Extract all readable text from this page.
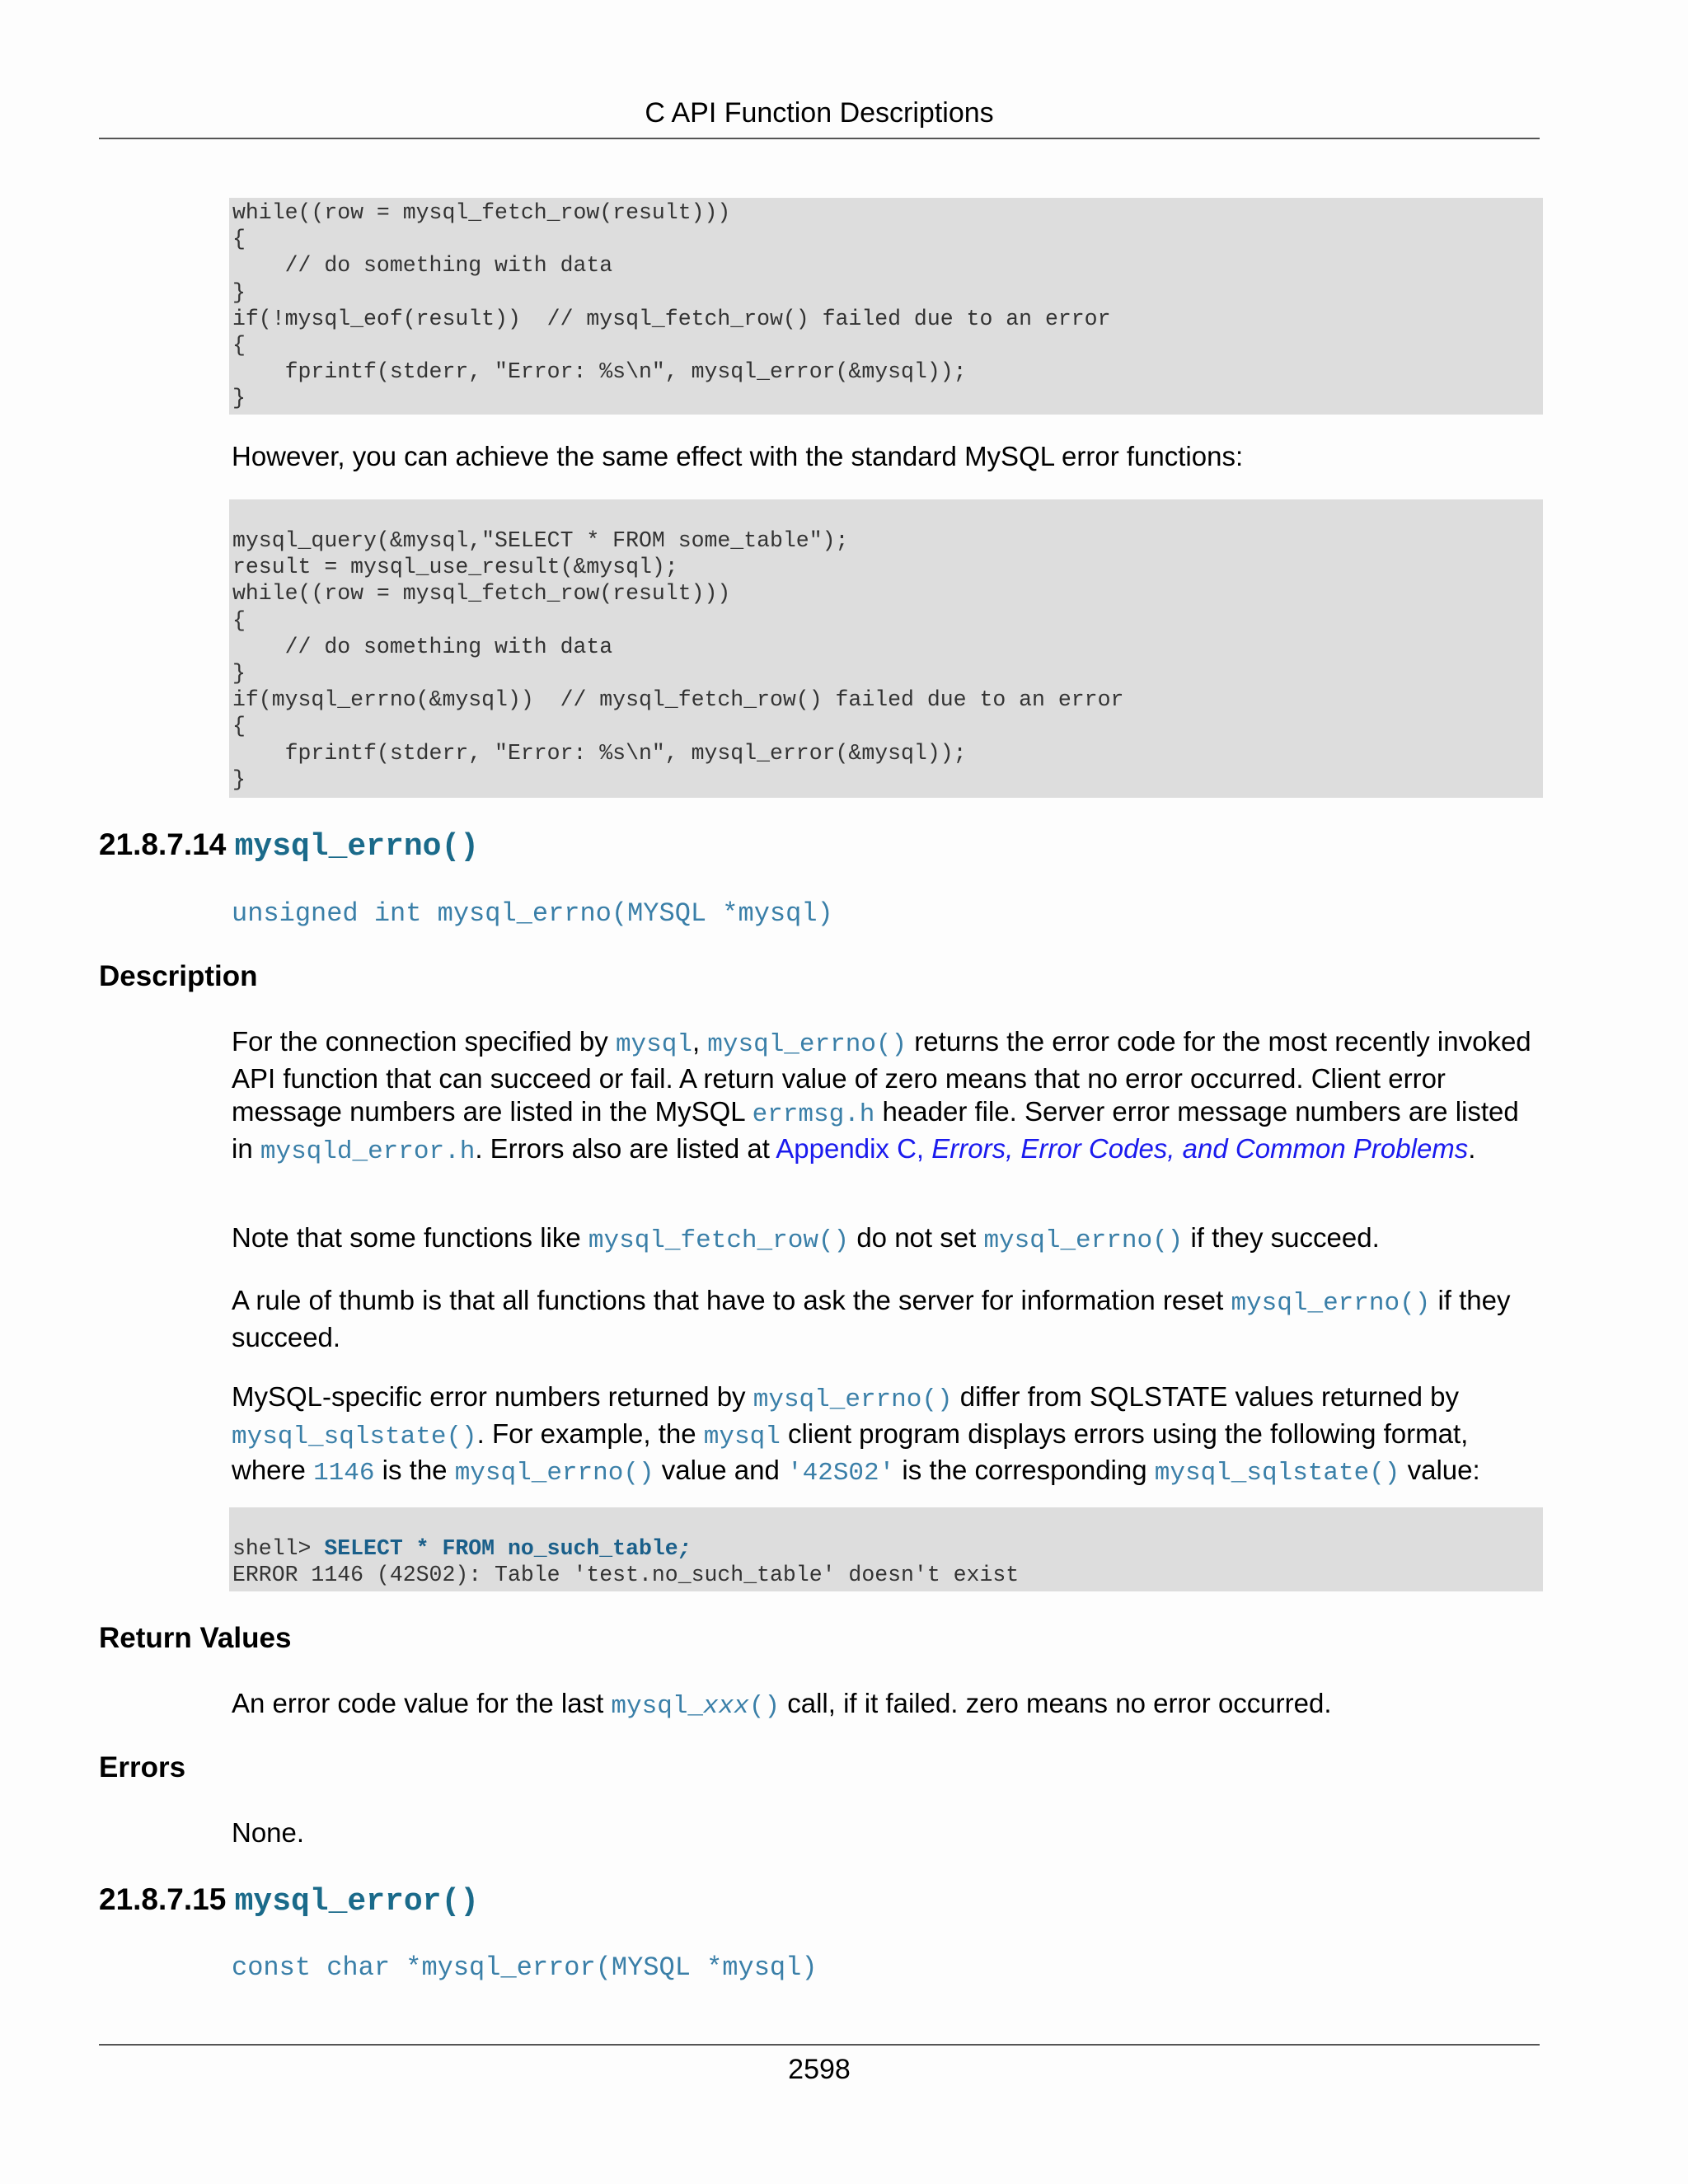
C API Function Descriptions
while((row = mysql_fetch_row(result)))
{
// do something with data
}
if(!mysql_eof(result))  // mysql_fetch_row() failed due to an error
{
fprintf(stderr, "Error: %s\n", mysql_error(&mysql));
}

However, you can achieve the same effect with the standard MySQL error functions:

mysql_query(&mysql,"SELECT * FROM some_table");
result = mysql_use_result(&mysql);
while((row = mysql_fetch_row(result)))
{
// do something with data
}
if(mysql_errno(&mysql))  // mysql_fetch_row() failed due to an error
{
fprintf(stderr, "Error: %s\n", mysql_error(&mysql));
}
21.8.7.14 mysql_errno()
unsigned int mysql_errno(MYSQL *mysql)
Description

For the connection specified by mysql, mysql_errno() returns the error code for the most recently invoked API function that can succeed or fail. A return value of zero means that no error occurred. Client error message numbers are listed in the MySQL errmsg.h header file. Server error message numbers are listed in mysqld_error.h. Errors also are listed at Appendix C, Errors, Error Codes, and Common Problems.

Note that some functions like mysql_fetch_row() do not set mysql_errno() if they succeed.

A rule of thumb is that all functions that have to ask the server for information reset mysql_errno() if they succeed.

MySQL-specific error numbers returned by mysql_errno() differ from SQLSTATE values returned by mysql_sqlstate(). For example, the mysql client program displays errors using the following format, where 1146 is the mysql_errno() value and '42S02' is the corresponding mysql_sqlstate() value:

shell> SELECT * FROM no_such_table;
ERROR 1146 (42S02): Table 'test.no_such_table' doesn't exist
Return Values

An error code value for the last mysql_xxx() call, if it failed. zero means no error occurred.

Errors

None.

21.8.7.15 mysql_error()
const char *mysql_error(MYSQL *mysql)
2598
